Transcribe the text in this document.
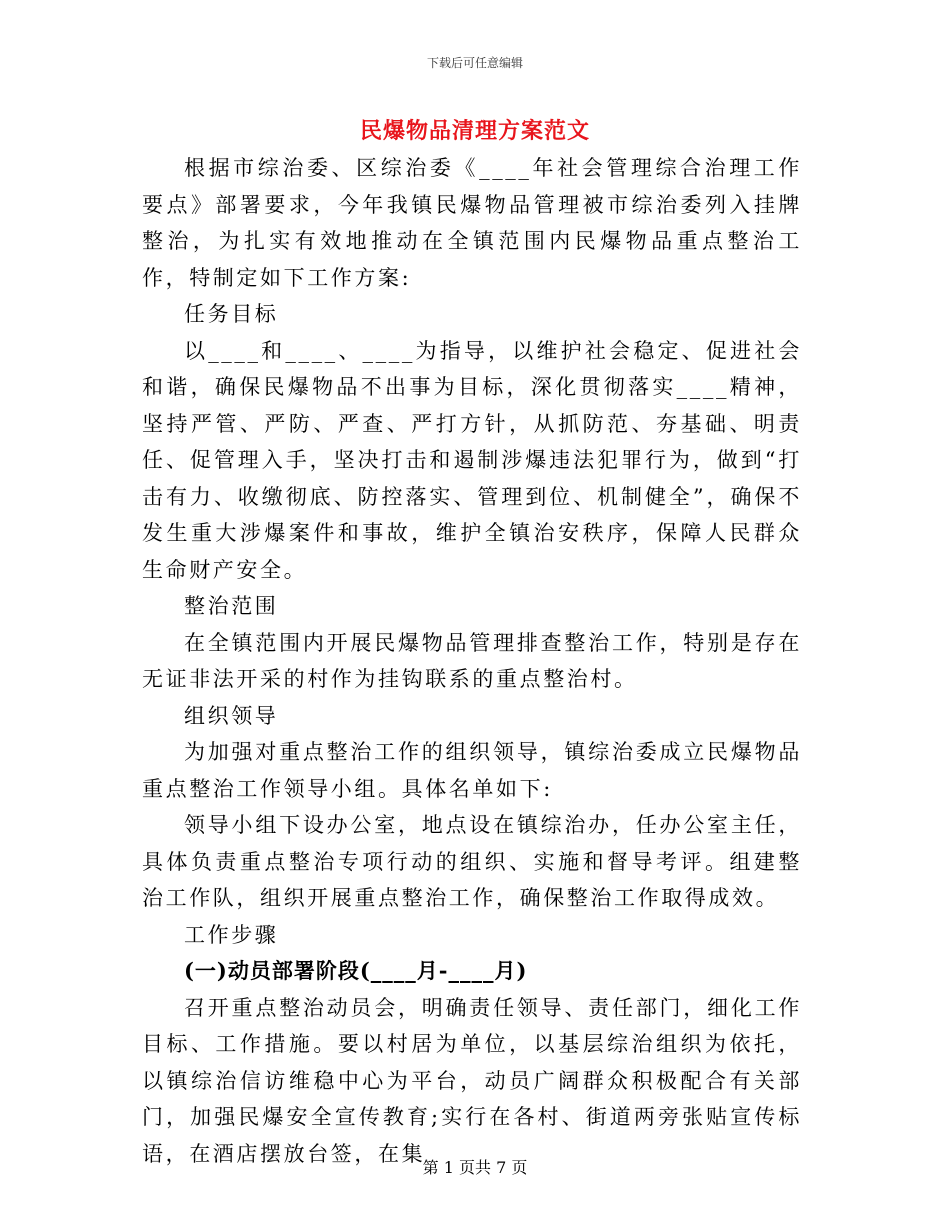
下载后可任意编辑
民爆物品清理方案范文

根据市综治委、区综治委《____年社会管理综合治理工作要点》部署要求，今年我镇民爆物品管理被市综治委列入挂牌整治，为扎实有效地推动在全镇范围内民爆物品重点整治工作，特制定如下工作方案:

任务目标

以____和____、____为指导，以维护社会稳定、促进社会和谐，确保民爆物品不出事为目标，深化贯彻落实____精神，坚持严管、严防、严查、严打方针，从抓防范、夯基础、明责任、促管理入手，坚决打击和遏制涉爆违法犯罪行为，做到“打击有力、收缴彻底、防控落实、管理到位、机制健全”，确保不发生重大涉爆案件和事故，维护全镇治安秩序，保障人民群众生命财产安全。

整治范围

在全镇范围内开展民爆物品管理排查整治工作，特别是存在无证非法开采的村作为挂钩联系的重点整治村。

组织领导

为加强对重点整治工作的组织领导，镇综治委成立民爆物品重点整治工作领导小组。具体名单如下:

领导小组下设办公室，地点设在镇综治办，任办公室主任，具体负责重点整治专项行动的组织、实施和督导考评。组建整治工作队，组织开展重点整治工作，确保整治工作取得成效。

工作步骤

(一)动员部署阶段(____月-____月)

召开重点整治动员会，明确责任领导、责任部门，细化工作目标、工作措施。要以村居为单位，以基层综治组织为依托，以镇综治信访维稳中心为平台，动员广阔群众积极配合有关部门，加强民爆安全宣传教育;实行在各村、街道两旁张贴宣传标语，在酒店摆放台签，在集

第 1 页共 7 页
